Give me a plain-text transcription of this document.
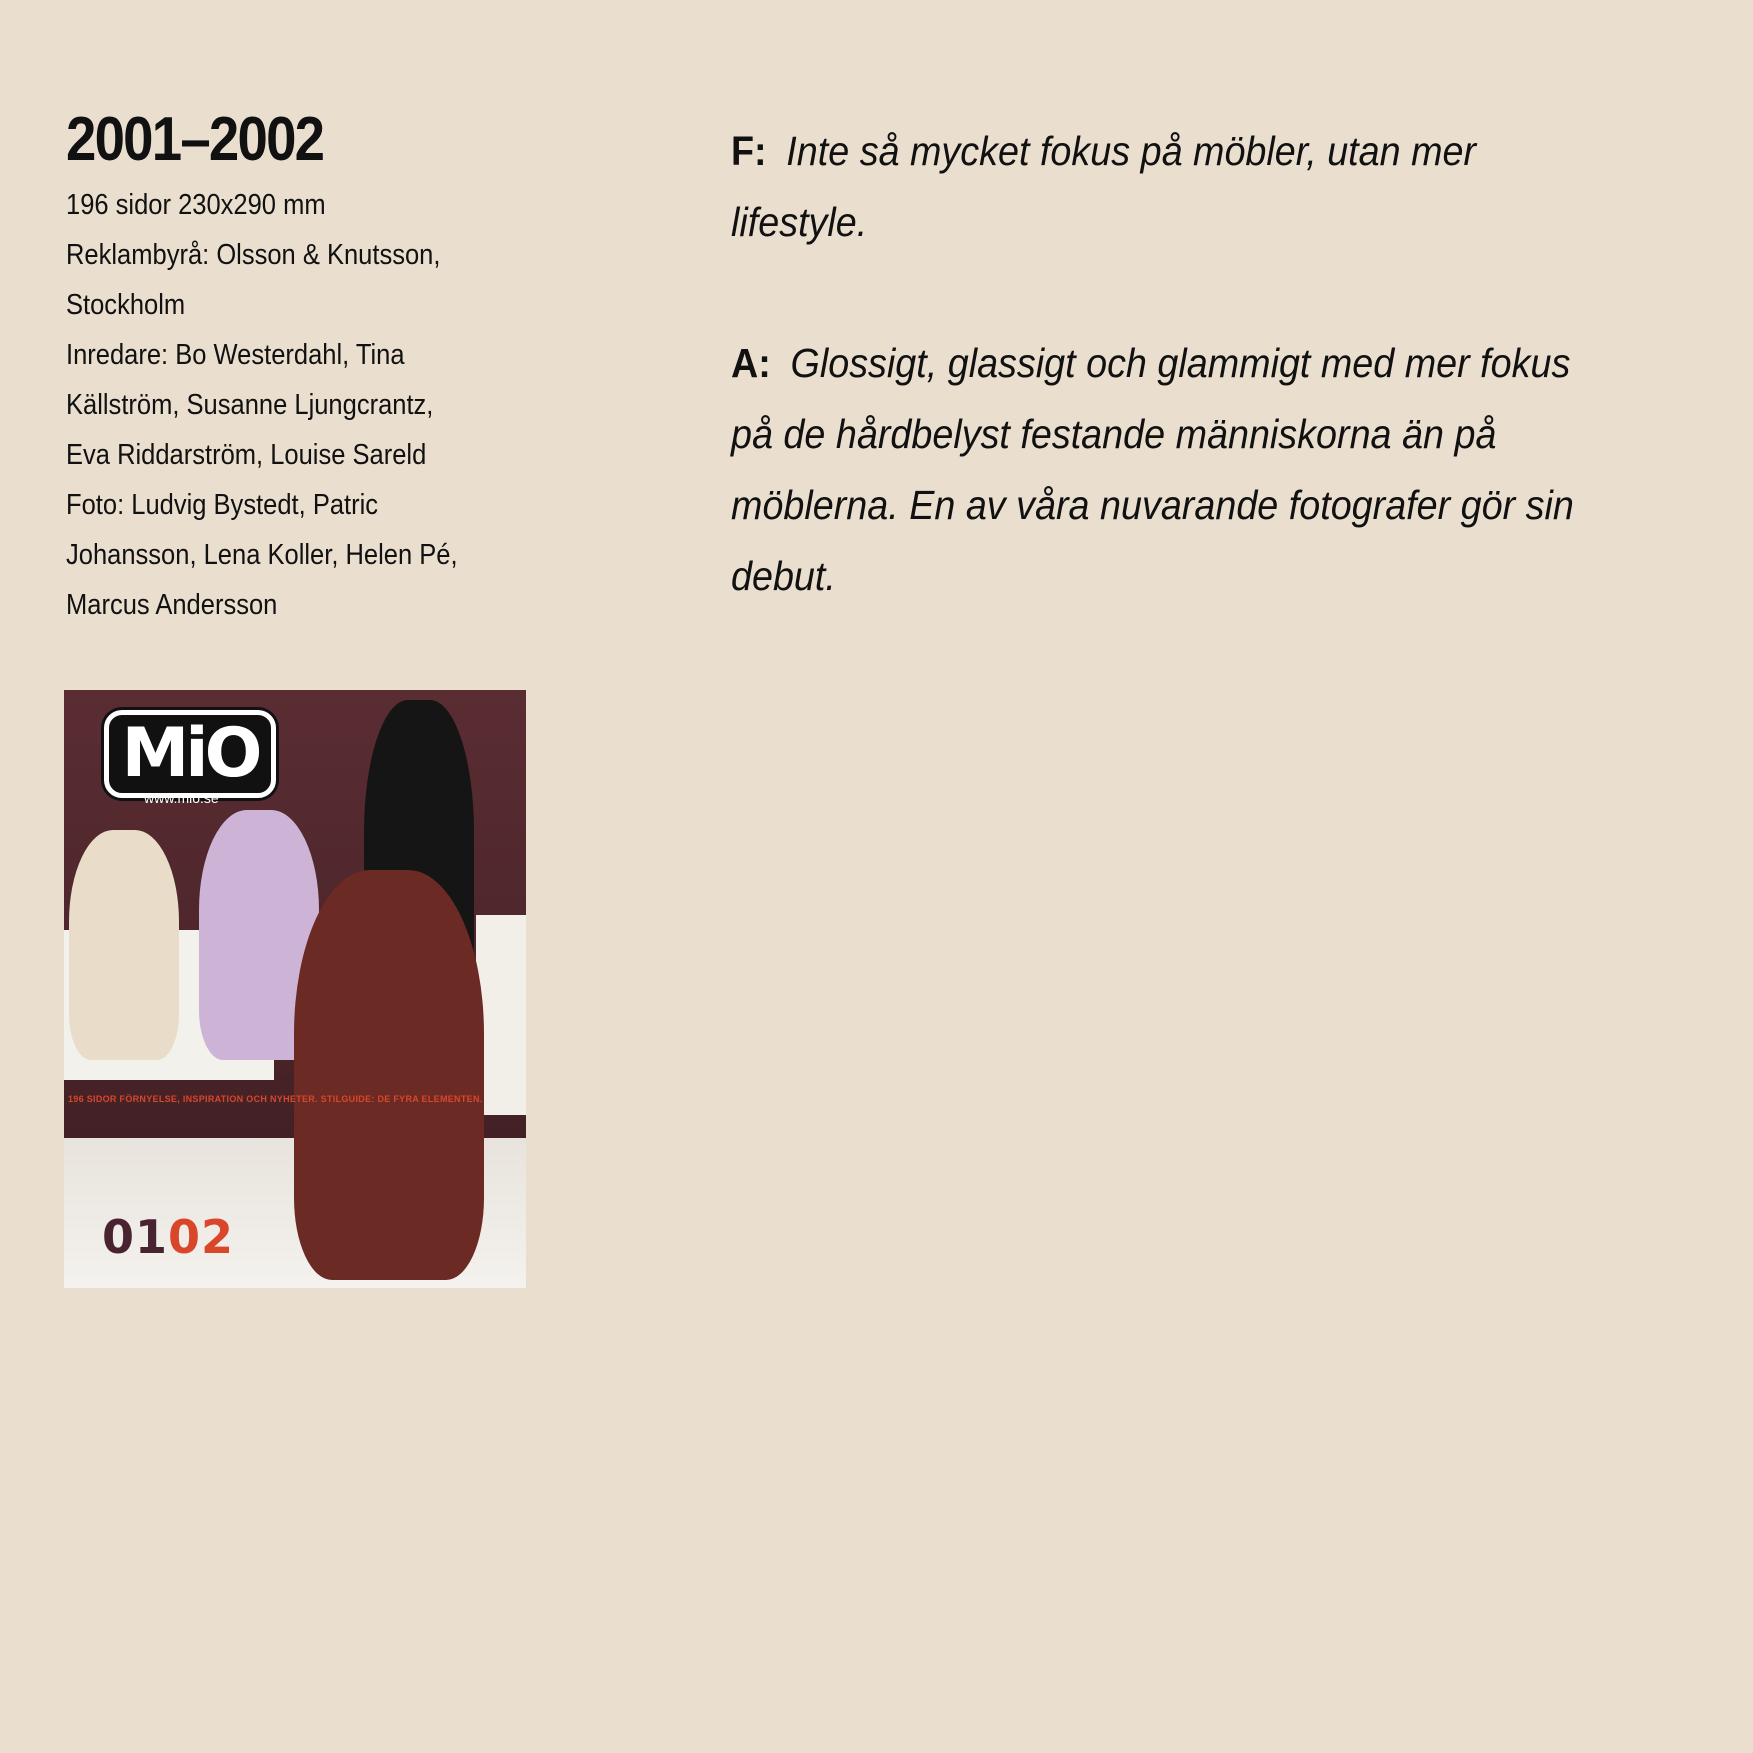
2001–2002
196 sidor 230x290 mm
Reklambyrå: Olsson & Knutsson,
Stockholm
Inredare: Bo Westerdahl, Tina
Källström, Susanne Ljungcrantz,
Eva Riddarström, Louise Sareld
Foto: Ludvig Bystedt, Patric
Johansson, Lena Koller, Helen Pé,
Marcus Andersson
MiO
www.mio.se
196 SIDOR FÖRNYELSE, INSPIRATION OCH NYHETER. STILGUIDE: DE FYRA ELEMENTEN.
0102

F: Inte så mycket fokus på möbler, utan mer lifestyle.

A: Glossigt, glassigt och glammigt med mer fokus på de hårdbelyst festande människorna än på möblerna. En av våra nuvarande fotografer gör sin debut.
